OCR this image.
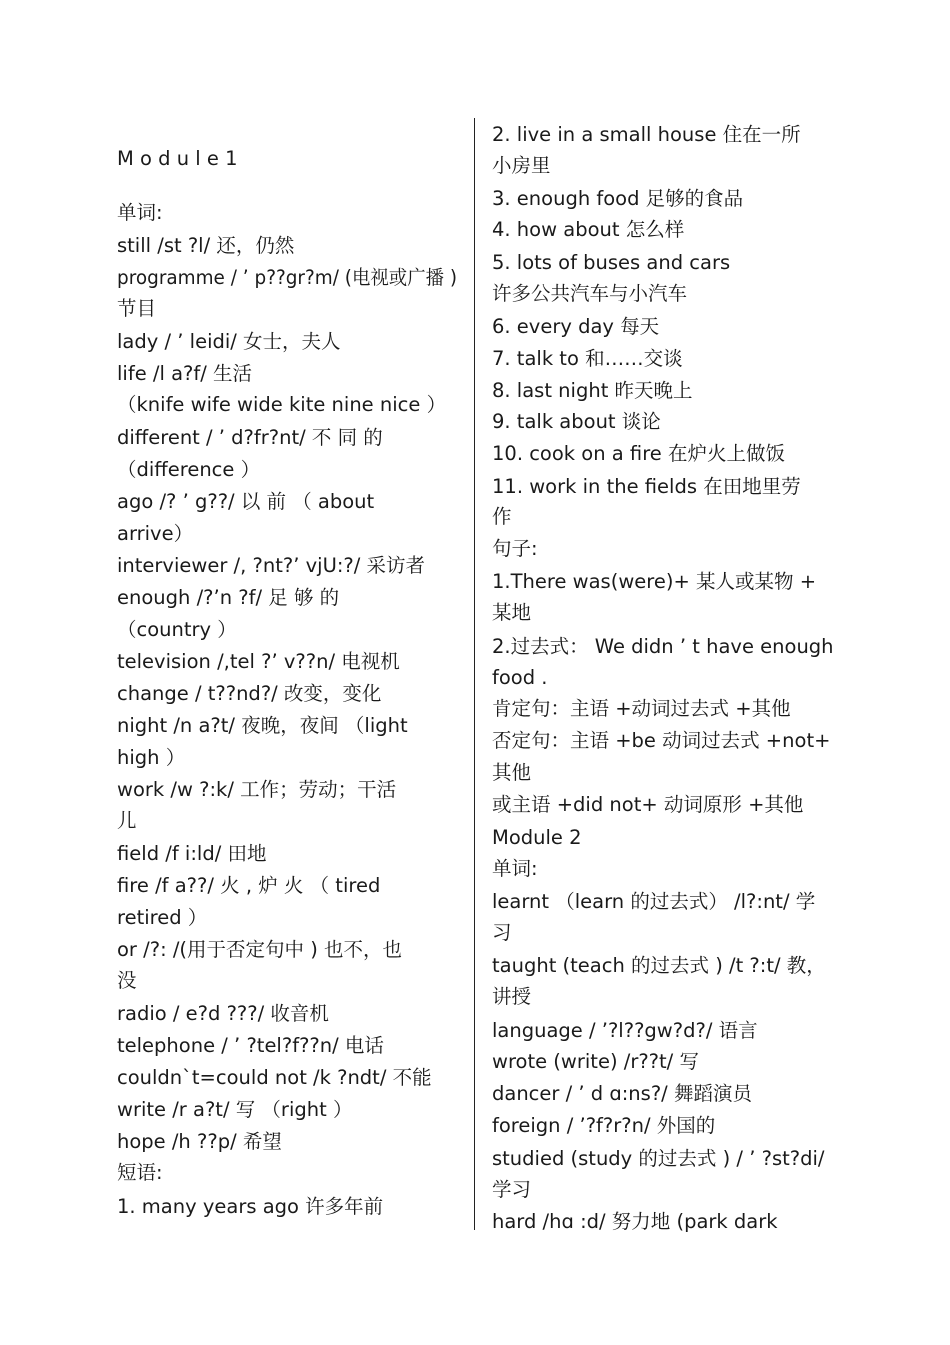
M o d u l e 1
单词:
still /st ?l/ 还，仍然
programme / ’ p??gr?m/ (电视或广播 )
节目
lady / ’ leidi/ 女士，夫人
life /l a?f/ 生活
（knife wife wide kite nine nice ）
different / ’ d?fr?nt/ 不 同 的
（difference ）
ago /? ’ g??/ 以 前 （ about
arrive）
interviewer /, ?nt?’ vjU:?/ 采访者
enough /?’n ?f/ 足 够 的
（country ）
television /,tel ?’ v??n/ 电视机
change / t??nd?/ 改变，变化
night /n a?t/ 夜晚，夜间 （light
high ）
work /w ?:k/ 工作；劳动；干活
儿
field /f i:ld/ 田地
fire /f a??/ 火 , 炉 火 （ tired
retired ）
or /?: /(用于否定句中 ) 也不，也
没
radio / e?d ???/ 收音机
telephone / ’ ?tel?f??n/ 电话
couldn`t=could not /k ?ndt/ 不能
write /r a?t/ 写 （right ）
hope /h ??p/ 希望
短语:
1. many years ago 许多年前
2. live in a small house 住在一所
小房里
3. enough food 足够的食品
4. how about 怎么样
5. lots of buses and cars
许多公共汽车与小汽车
6. every day 每天
7. talk to 和……交谈
8. last night 昨天晚上
9. talk about 谈论
10. cook on a fire 在炉火上做饭
11. work in the fields 在田地里劳
作
句子:
1.There was(were)+ 某人或某物 +
某地
2.过去式： We didn ’ t have enough
food .
肯定句：主语 +动词过去式 +其他
否定句：主语 +be 动词过去式 +not+
其他
或主语 +did not+ 动词原形 +其他
Module 2
单词:
learnt （learn 的过去式） /l?:nt/ 学
习
taught (teach 的过去式 ) /t ?:t/ 教，
讲授
language / ’?l??gw?d?/ 语言
wrote (write) /r??t/ 写
dancer / ’ d ɑ:ns?/ 舞蹈演员
foreign / ’?f?r?n/ 外国的
studied (study 的过去式 ) / ’ ?st?di/
学习
hard /hɑ :d/ 努力地 (park dark
